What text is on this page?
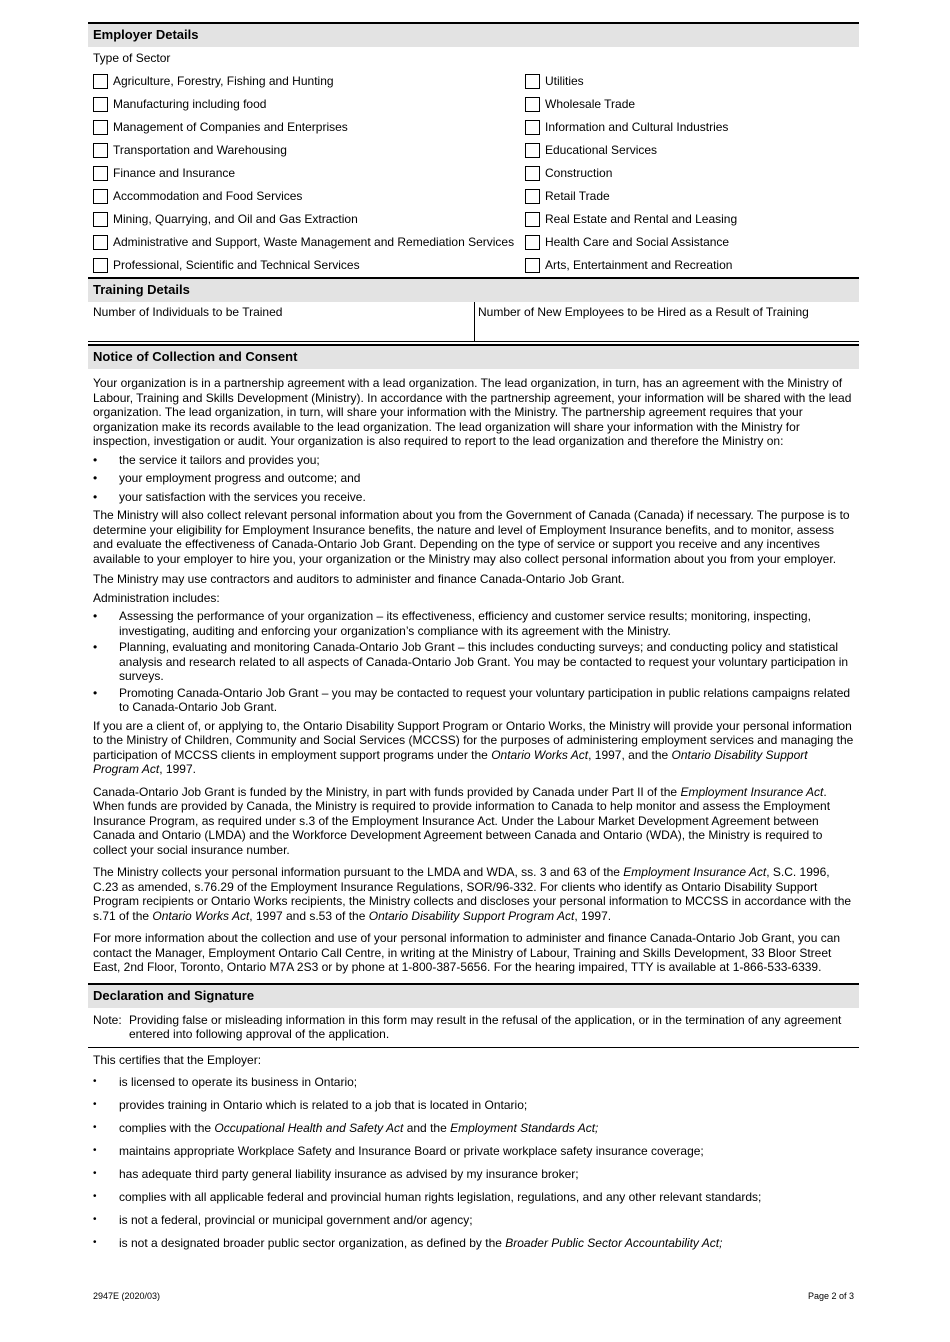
Employer Details
Type of Sector
Agriculture, Forestry, Fishing and Hunting
Manufacturing including food
Management of Companies and Enterprises
Transportation and Warehousing
Finance and Insurance
Accommodation and Food Services
Mining, Quarrying, and Oil and Gas Extraction
Administrative and Support, Waste Management and Remediation Services
Professional, Scientific and Technical Services
Utilities
Wholesale Trade
Information and Cultural Industries
Educational Services
Construction
Retail Trade
Real Estate and Rental and Leasing
Health Care and Social Assistance
Arts, Entertainment and Recreation
Training Details
Number of Individuals to be Trained	Number of New Employees to be Hired as a Result of Training
Notice of Collection and Consent

Your organization is in a partnership agreement with a lead organization. The lead organization, in turn, has an agreement with the Ministry of Labour, Training and Skills Development (Ministry). In accordance with the partnership agreement, your information will be shared with the lead organization. The lead organization, in turn, will share your information with the Ministry. The partnership agreement requires that your organization make its records available to the lead organization. The lead organization will share your information with the Ministry for inspection, investigation or audit. Your organization is also required to report to the lead organization and therefore the Ministry on:

• the service it tailors and provides you;
• your employment progress and outcome; and
• your satisfaction with the services you receive.

The Ministry will also collect relevant personal information about you from the Government of Canada (Canada) if necessary. The purpose is to determine your eligibility for Employment Insurance benefits, the nature and level of Employment Insurance benefits, and to monitor, assess and evaluate the effectiveness of Canada-Ontario Job Grant. Depending on the type of service or support you receive and any incentives available to your employer to hire you, your organization or the Ministry may also collect personal information about you from your employer.

The Ministry may use contractors and auditors to administer and finance Canada-Ontario Job Grant.

Administration includes:

• Assessing the performance of your organization – its effectiveness, efficiency and customer service results; monitoring, inspecting, investigating, auditing and enforcing your organization’s compliance with its agreement with the Ministry.
• Planning, evaluating and monitoring Canada-Ontario Job Grant – this includes conducting surveys; and conducting policy and statistical analysis and research related to all aspects of Canada-Ontario Job Grant. You may be contacted to request your voluntary participation in surveys.
• Promoting Canada-Ontario Job Grant – you may be contacted to request your voluntary participation in public relations campaigns related to Canada-Ontario Job Grant.

If you are a client of, or applying to, the Ontario Disability Support Program or Ontario Works, the Ministry will provide your personal information to the Ministry of Children, Community and Social Services (MCCSS) for the purposes of administering employment services and managing the participation of MCCSS clients in employment support programs under the Ontario Works Act, 1997, and the Ontario Disability Support Program Act, 1997.

Canada-Ontario Job Grant is funded by the Ministry, in part with funds provided by Canada under Part II of the Employment Insurance Act. When funds are provided by Canada, the Ministry is required to provide information to Canada to help monitor and assess the Employment Insurance Program, as required under s.3 of the Employment Insurance Act. Under the Labour Market Development Agreement between Canada and Ontario (LMDA) and the Workforce Development Agreement between Canada and Ontario (WDA), the Ministry is required to collect your social insurance number.

The Ministry collects your personal information pursuant to the LMDA and WDA, ss. 3 and 63 of the Employment Insurance Act, S.C. 1996, C.23 as amended, s.76.29 of the Employment Insurance Regulations, SOR/96-332. For clients who identify as Ontario Disability Support Program recipients or Ontario Works recipients, the Ministry collects and discloses your personal information to MCCSS in accordance with the s.71 of the Ontario Works Act, 1997 and s.53 of the Ontario Disability Support Program Act, 1997.

For more information about the collection and use of your personal information to administer and finance Canada-Ontario Job Grant, you can contact the Manager, Employment Ontario Call Centre, in writing at the Ministry of Labour, Training and Skills Development, 33 Bloor Street East, 2nd Floor, Toronto, Ontario M7A 2S3 or by phone at 1-800-387-5656. For the hearing impaired, TTY is available at 1-866-533-6339.

Declaration and Signature
Note: Providing false or misleading information in this form may result in the refusal of the application, or in the termination of any agreement entered into following approval of the application.

This certifies that the Employer:

• is licensed to operate its business in Ontario;
• provides training in Ontario which is related to a job that is located in Ontario;
• complies with the Occupational Health and Safety Act and the Employment Standards Act;
• maintains appropriate Workplace Safety and Insurance Board or private workplace safety insurance coverage;
• has adequate third party general liability insurance as advised by my insurance broker;
• complies with all applicable federal and provincial human rights legislation, regulations, and any other relevant standards;
• is not a federal, provincial or municipal government and/or agency;
• is not a designated broader public sector organization, as defined by the Broader Public Sector Accountability Act;
2947E (2020/03)	Page 2 of 3
